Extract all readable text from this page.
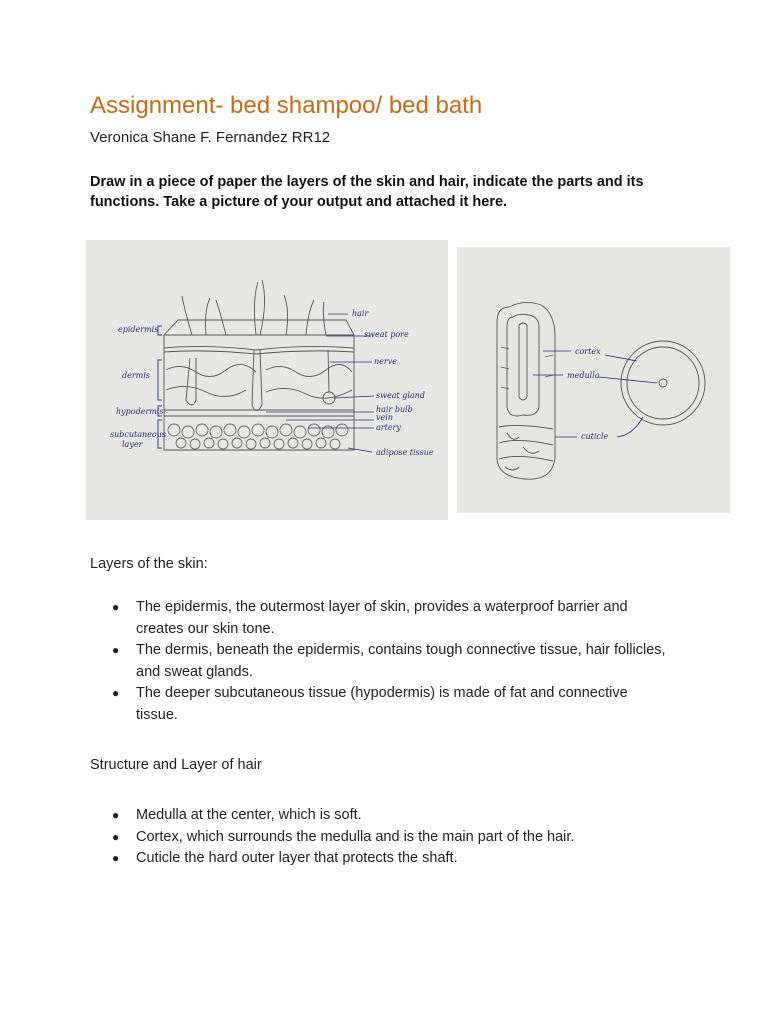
Assignment- bed shampoo/ bed bath
Veronica Shane F. Fernandez RR12
Draw in a piece of paper the layers of the skin and hair, indicate the parts and its functions. Take a picture of your output and attached it here.
hair
sweat pore
nerve
sweat gland
hair bulb
vein
artery
adipose tissue
epidermis
dermis
hypodermis
subcutaneous
layer
cortex
medulla
cuticle
Layers of the skin:
● The epidermis, the outermost layer of skin, provides a waterproof barrier and creates our skin tone.
● The dermis, beneath the epidermis, contains tough connective tissue, hair follicles, and sweat glands.
● The deeper subcutaneous tissue (hypodermis) is made of fat and connective tissue.
Structure and Layer of hair
● Medulla at the center, which is soft.
● Cortex, which surrounds the medulla and is the main part of the hair.
● Cuticle the hard outer layer that protects the shaft.
